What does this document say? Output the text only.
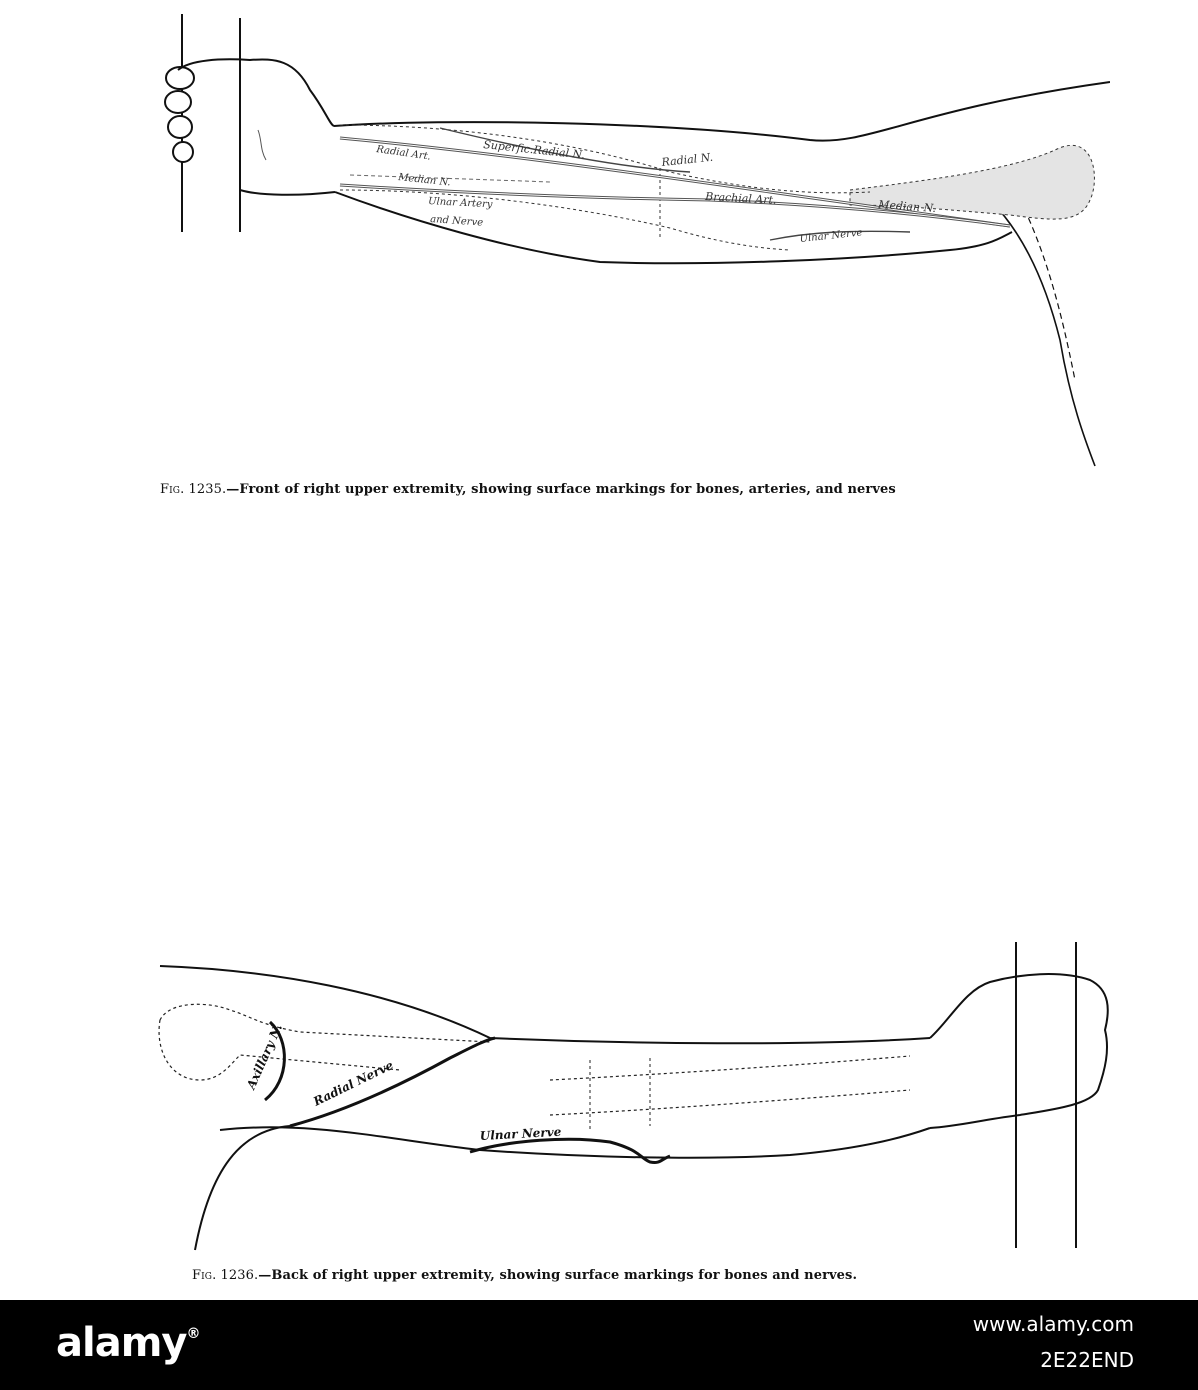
Superfic.Radial N.	Radial N.
Radial Art.
Median N.
Ulnar Artery
and Nerve
Brachial Art.	Median N.
Ulnar Nerve
Fig. 1235.—Front of right upper extremity, showing surface markings for bones, arteries, and nerves
Axillary N. Radial Nerve
Ulnar Nerve
Fig. 1236.—Back of right upper extremity, showing surface markings for bones and nerves.
alamy®	www.alamy.com
2E22END
